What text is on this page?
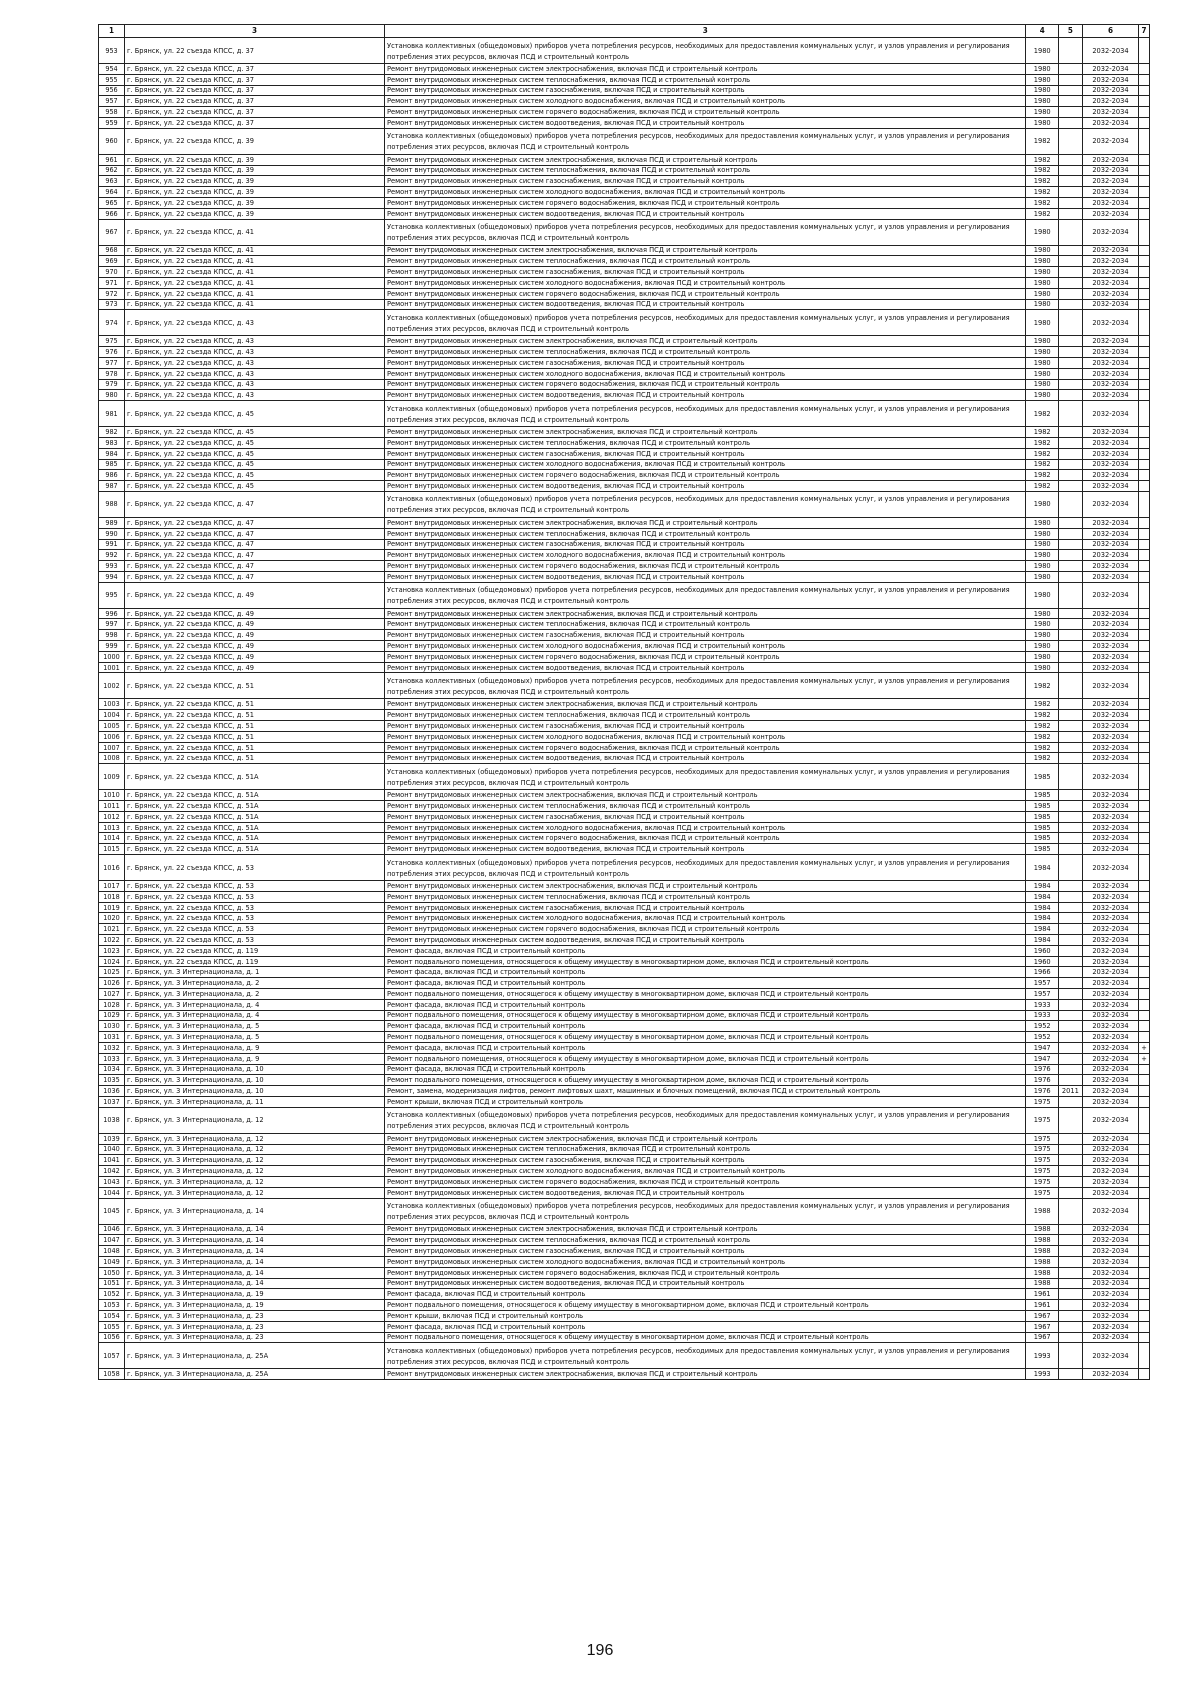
1	3	3	4	5	6	7
953	г. Брянск, ул. 22 съезда КПСС, д. 37	Установка коллективных (общедомовых) приборов учета потребления ресурсов, необходимых для предоставления коммунальных услуг, и узлов управления и регулирования потребления этих ресурсов, включая ПСД и строительный контроль	1980		2032-2034	
954	г. Брянск, ул. 22 съезда КПСС, д. 37	Ремонт внутридомовых инженерных систем электроснабжения, включая ПСД и строительный контроль	1980		2032-2034	
955	г. Брянск, ул. 22 съезда КПСС, д. 37	Ремонт внутридомовых инженерных систем теплоснабжения, включая ПСД и строительный контроль	1980		2032-2034	
956	г. Брянск, ул. 22 съезда КПСС, д. 37	Ремонт внутридомовых инженерных систем газоснабжения, включая ПСД и строительный контроль	1980		2032-2034	
957	г. Брянск, ул. 22 съезда КПСС, д. 37	Ремонт внутридомовых инженерных систем холодного водоснабжения, включая ПСД и строительный контроль	1980		2032-2034	
958	г. Брянск, ул. 22 съезда КПСС, д. 37	Ремонт внутридомовых инженерных систем горячего водоснабжения, включая ПСД и строительный контроль	1980		2032-2034	
959	г. Брянск, ул. 22 съезда КПСС, д. 37	Ремонт внутридомовых инженерных систем водоотведения, включая ПСД и строительный контроль	1980		2032-2034	
960	г. Брянск, ул. 22 съезда КПСС, д. 39	Установка коллективных (общедомовых) приборов учета потребления ресурсов, необходимых для предоставления коммунальных услуг, и узлов управления и регулирования потребления этих ресурсов, включая ПСД и строительный контроль	1982		2032-2034	
961	г. Брянск, ул. 22 съезда КПСС, д. 39	Ремонт внутридомовых инженерных систем электроснабжения, включая ПСД и строительный контроль	1982		2032-2034	
962	г. Брянск, ул. 22 съезда КПСС, д. 39	Ремонт внутридомовых инженерных систем теплоснабжения, включая ПСД и строительный контроль	1982		2032-2034	
963	г. Брянск, ул. 22 съезда КПСС, д. 39	Ремонт внутридомовых инженерных систем газоснабжения, включая ПСД и строительный контроль	1982		2032-2034	
964	г. Брянск, ул. 22 съезда КПСС, д. 39	Ремонт внутридомовых инженерных систем холодного водоснабжения, включая ПСД и строительный контроль	1982		2032-2034	
965	г. Брянск, ул. 22 съезда КПСС, д. 39	Ремонт внутридомовых инженерных систем горячего водоснабжения, включая ПСД и строительный контроль	1982		2032-2034	
966	г. Брянск, ул. 22 съезда КПСС, д. 39	Ремонт внутридомовых инженерных систем водоотведения, включая ПСД и строительный контроль	1982		2032-2034	
967	г. Брянск, ул. 22 съезда КПСС, д. 41	Установка коллективных (общедомовых) приборов учета потребления ресурсов, необходимых для предоставления коммунальных услуг, и узлов управления и регулирования потребления этих ресурсов, включая ПСД и строительный контроль	1980		2032-2034	
968	г. Брянск, ул. 22 съезда КПСС, д. 41	Ремонт внутридомовых инженерных систем электроснабжения, включая ПСД и строительный контроль	1980		2032-2034	
969	г. Брянск, ул. 22 съезда КПСС, д. 41	Ремонт внутридомовых инженерных систем теплоснабжения, включая ПСД и строительный контроль	1980		2032-2034	
970	г. Брянск, ул. 22 съезда КПСС, д. 41	Ремонт внутридомовых инженерных систем газоснабжения, включая ПСД и строительный контроль	1980		2032-2034	
971	г. Брянск, ул. 22 съезда КПСС, д. 41	Ремонт внутридомовых инженерных систем холодного водоснабжения, включая ПСД и строительный контроль	1980		2032-2034	
972	г. Брянск, ул. 22 съезда КПСС, д. 41	Ремонт внутридомовых инженерных систем горячего водоснабжения, включая ПСД и строительный контроль	1980		2032-2034	
973	г. Брянск, ул. 22 съезда КПСС, д. 41	Ремонт внутридомовых инженерных систем водоотведения, включая ПСД и строительный контроль	1980		2032-2034	
974	г. Брянск, ул. 22 съезда КПСС, д. 43	Установка коллективных (общедомовых) приборов учета потребления ресурсов, необходимых для предоставления коммунальных услуг, и узлов управления и регулирования потребления этих ресурсов, включая ПСД и строительный контроль	1980		2032-2034	
975	г. Брянск, ул. 22 съезда КПСС, д. 43	Ремонт внутридомовых инженерных систем электроснабжения, включая ПСД и строительный контроль	1980		2032-2034	
976	г. Брянск, ул. 22 съезда КПСС, д. 43	Ремонт внутридомовых инженерных систем теплоснабжения, включая ПСД и строительный контроль	1980		2032-2034	
977	г. Брянск, ул. 22 съезда КПСС, д. 43	Ремонт внутридомовых инженерных систем газоснабжения, включая ПСД и строительный контроль	1980		2032-2034	
978	г. Брянск, ул. 22 съезда КПСС, д. 43	Ремонт внутридомовых инженерных систем холодного водоснабжения, включая ПСД и строительный контроль	1980		2032-2034	
979	г. Брянск, ул. 22 съезда КПСС, д. 43	Ремонт внутридомовых инженерных систем горячего водоснабжения, включая ПСД и строительный контроль	1980		2032-2034	
980	г. Брянск, ул. 22 съезда КПСС, д. 43	Ремонт внутридомовых инженерных систем водоотведения, включая ПСД и строительный контроль	1980		2032-2034	
981	г. Брянск, ул. 22 съезда КПСС, д. 45	Установка коллективных (общедомовых) приборов учета потребления ресурсов, необходимых для предоставления коммунальных услуг, и узлов управления и регулирования потребления этих ресурсов, включая ПСД и строительный контроль	1982		2032-2034	
982	г. Брянск, ул. 22 съезда КПСС, д. 45	Ремонт внутридомовых инженерных систем электроснабжения, включая ПСД и строительный контроль	1982		2032-2034	
983	г. Брянск, ул. 22 съезда КПСС, д. 45	Ремонт внутридомовых инженерных систем теплоснабжения, включая ПСД и строительный контроль	1982		2032-2034	
984	г. Брянск, ул. 22 съезда КПСС, д. 45	Ремонт внутридомовых инженерных систем газоснабжения, включая ПСД и строительный контроль	1982		2032-2034	
985	г. Брянск, ул. 22 съезда КПСС, д. 45	Ремонт внутридомовых инженерных систем холодного водоснабжения, включая ПСД и строительный контроль	1982		2032-2034	
986	г. Брянск, ул. 22 съезда КПСС, д. 45	Ремонт внутридомовых инженерных систем горячего водоснабжения, включая ПСД и строительный контроль	1982		2032-2034	
987	г. Брянск, ул. 22 съезда КПСС, д. 45	Ремонт внутридомовых инженерных систем водоотведения, включая ПСД и строительный контроль	1982		2032-2034	
988	г. Брянск, ул. 22 съезда КПСС, д. 47	Установка коллективных (общедомовых) приборов учета потребления ресурсов, необходимых для предоставления коммунальных услуг, и узлов управления и регулирования потребления этих ресурсов, включая ПСД и строительный контроль	1980		2032-2034	
989	г. Брянск, ул. 22 съезда КПСС, д. 47	Ремонт внутридомовых инженерных систем электроснабжения, включая ПСД и строительный контроль	1980		2032-2034	
990	г. Брянск, ул. 22 съезда КПСС, д. 47	Ремонт внутридомовых инженерных систем теплоснабжения, включая ПСД и строительный контроль	1980		2032-2034	
991	г. Брянск, ул. 22 съезда КПСС, д. 47	Ремонт внутридомовых инженерных систем газоснабжения, включая ПСД и строительный контроль	1980		2032-2034	
992	г. Брянск, ул. 22 съезда КПСС, д. 47	Ремонт внутридомовых инженерных систем холодного водоснабжения, включая ПСД и строительный контроль	1980		2032-2034	
993	г. Брянск, ул. 22 съезда КПСС, д. 47	Ремонт внутридомовых инженерных систем горячего водоснабжения, включая ПСД и строительный контроль	1980		2032-2034	
994	г. Брянск, ул. 22 съезда КПСС, д. 47	Ремонт внутридомовых инженерных систем водоотведения, включая ПСД и строительный контроль	1980		2032-2034	
995	г. Брянск, ул. 22 съезда КПСС, д. 49	Установка коллективных (общедомовых) приборов учета потребления ресурсов, необходимых для предоставления коммунальных услуг, и узлов управления и регулирования потребления этих ресурсов, включая ПСД и строительный контроль	1980		2032-2034	
996	г. Брянск, ул. 22 съезда КПСС, д. 49	Ремонт внутридомовых инженерных систем электроснабжения, включая ПСД и строительный контроль	1980		2032-2034	
997	г. Брянск, ул. 22 съезда КПСС, д. 49	Ремонт внутридомовых инженерных систем теплоснабжения, включая ПСД и строительный контроль	1980		2032-2034	
998	г. Брянск, ул. 22 съезда КПСС, д. 49	Ремонт внутридомовых инженерных систем газоснабжения, включая ПСД и строительный контроль	1980		2032-2034	
999	г. Брянск, ул. 22 съезда КПСС, д. 49	Ремонт внутридомовых инженерных систем холодного водоснабжения, включая ПСД и строительный контроль	1980		2032-2034	
1000	г. Брянск, ул. 22 съезда КПСС, д. 49	Ремонт внутридомовых инженерных систем горячего водоснабжения, включая ПСД и строительный контроль	1980		2032-2034	
1001	г. Брянск, ул. 22 съезда КПСС, д. 49	Ремонт внутридомовых инженерных систем водоотведения, включая ПСД и строительный контроль	1980		2032-2034	
1002	г. Брянск, ул. 22 съезда КПСС, д. 51	Установка коллективных (общедомовых) приборов учета потребления ресурсов, необходимых для предоставления коммунальных услуг, и узлов управления и регулирования потребления этих ресурсов, включая ПСД и строительный контроль	1982		2032-2034	
1003	г. Брянск, ул. 22 съезда КПСС, д. 51	Ремонт внутридомовых инженерных систем электроснабжения, включая ПСД и строительный контроль	1982		2032-2034	
1004	г. Брянск, ул. 22 съезда КПСС, д. 51	Ремонт внутридомовых инженерных систем теплоснабжения, включая ПСД и строительный контроль	1982		2032-2034	
1005	г. Брянск, ул. 22 съезда КПСС, д. 51	Ремонт внутридомовых инженерных систем газоснабжения, включая ПСД и строительный контроль	1982		2032-2034	
1006	г. Брянск, ул. 22 съезда КПСС, д. 51	Ремонт внутридомовых инженерных систем холодного водоснабжения, включая ПСД и строительный контроль	1982		2032-2034	
1007	г. Брянск, ул. 22 съезда КПСС, д. 51	Ремонт внутридомовых инженерных систем горячего водоснабжения, включая ПСД и строительный контроль	1982		2032-2034	
1008	г. Брянск, ул. 22 съезда КПСС, д. 51	Ремонт внутридомовых инженерных систем водоотведения, включая ПСД и строительный контроль	1982		2032-2034	
1009	г. Брянск, ул. 22 съезда КПСС, д. 51А	Установка коллективных (общедомовых) приборов учета потребления ресурсов, необходимых для предоставления коммунальных услуг, и узлов управления и регулирования потребления этих ресурсов, включая ПСД и строительный контроль	1985		2032-2034	
1010	г. Брянск, ул. 22 съезда КПСС, д. 51А	Ремонт внутридомовых инженерных систем электроснабжения, включая ПСД и строительный контроль	1985		2032-2034	
1011	г. Брянск, ул. 22 съезда КПСС, д. 51А	Ремонт внутридомовых инженерных систем теплоснабжения, включая ПСД и строительный контроль	1985		2032-2034	
1012	г. Брянск, ул. 22 съезда КПСС, д. 51А	Ремонт внутридомовых инженерных систем газоснабжения, включая ПСД и строительный контроль	1985		2032-2034	
1013	г. Брянск, ул. 22 съезда КПСС, д. 51А	Ремонт внутридомовых инженерных систем холодного водоснабжения, включая ПСД и строительный контроль	1985		2032-2034	
1014	г. Брянск, ул. 22 съезда КПСС, д. 51А	Ремонт внутридомовых инженерных систем горячего водоснабжения, включая ПСД и строительный контроль	1985		2032-2034	
1015	г. Брянск, ул. 22 съезда КПСС, д. 51А	Ремонт внутридомовых инженерных систем водоотведения, включая ПСД и строительный контроль	1985		2032-2034	
1016	г. Брянск, ул. 22 съезда КПСС, д. 53	Установка коллективных (общедомовых) приборов учета потребления ресурсов, необходимых для предоставления коммунальных услуг, и узлов управления и регулирования потребления этих ресурсов, включая ПСД и строительный контроль	1984		2032-2034	
1017	г. Брянск, ул. 22 съезда КПСС, д. 53	Ремонт внутридомовых инженерных систем электроснабжения, включая ПСД и строительный контроль	1984		2032-2034	
1018	г. Брянск, ул. 22 съезда КПСС, д. 53	Ремонт внутридомовых инженерных систем теплоснабжения, включая ПСД и строительный контроль	1984		2032-2034	
1019	г. Брянск, ул. 22 съезда КПСС, д. 53	Ремонт внутридомовых инженерных систем газоснабжения, включая ПСД и строительный контроль	1984		2032-2034	
1020	г. Брянск, ул. 22 съезда КПСС, д. 53	Ремонт внутридомовых инженерных систем холодного водоснабжения, включая ПСД и строительный контроль	1984		2032-2034	
1021	г. Брянск, ул. 22 съезда КПСС, д. 53	Ремонт внутридомовых инженерных систем горячего водоснабжения, включая ПСД и строительный контроль	1984		2032-2034	
1022	г. Брянск, ул. 22 съезда КПСС, д. 53	Ремонт внутридомовых инженерных систем водоотведения, включая ПСД и строительный контроль	1984		2032-2034	
1023	г. Брянск, ул. 22 съезда КПСС, д. 119	Ремонт фасада, включая ПСД и строительный контроль	1960		2032-2034	
1024	г. Брянск, ул. 22 съезда КПСС, д. 119	Ремонт подвального помещения, относящегося к общему имуществу в многоквартирном доме, включая ПСД и строительный контроль	1960		2032-2034	
1025	г. Брянск, ул. 3 Интернационала, д. 1	Ремонт фасада, включая ПСД и строительный контроль	1966		2032-2034	
1026	г. Брянск, ул. 3 Интернационала, д. 2	Ремонт фасада, включая ПСД и строительный контроль	1957		2032-2034	
1027	г. Брянск, ул. 3 Интернационала, д. 2	Ремонт подвального помещения, относящегося к общему имуществу в многоквартирном доме, включая ПСД и строительный контроль	1957		2032-2034	
1028	г. Брянск, ул. 3 Интернационала, д. 4	Ремонт фасада, включая ПСД и строительный контроль	1933		2032-2034	
1029	г. Брянск, ул. 3 Интернационала, д. 4	Ремонт подвального помещения, относящегося к общему имуществу в многоквартирном доме, включая ПСД и строительный контроль	1933		2032-2034	
1030	г. Брянск, ул. 3 Интернационала, д. 5	Ремонт фасада, включая ПСД и строительный контроль	1952		2032-2034	
1031	г. Брянск, ул. 3 Интернационала, д. 5	Ремонт подвального помещения, относящегося к общему имуществу в многоквартирном доме, включая ПСД и строительный контроль	1952		2032-2034	
1032	г. Брянск, ул. 3 Интернационала, д. 9	Ремонт фасада, включая ПСД и строительный контроль	1947		2032-2034	+
1033	г. Брянск, ул. 3 Интернационала, д. 9	Ремонт подвального помещения, относящегося к общему имуществу в многоквартирном доме, включая ПСД и строительный контроль	1947		2032-2034	+
1034	г. Брянск, ул. 3 Интернационала, д. 10	Ремонт фасада, включая ПСД и строительный контроль	1976		2032-2034	
1035	г. Брянск, ул. 3 Интернационала, д. 10	Ремонт подвального помещения, относящегося к общему имуществу в многоквартирном доме, включая ПСД и строительный контроль	1976		2032-2034	
1036	г. Брянск, ул. 3 Интернационала, д. 10	Ремонт, замена, модернизация лифтов, ремонт лифтовых шахт, машинных и блочных помещений, включая ПСД и строительный контроль	1976	2011	2032-2034	
1037	г. Брянск, ул. 3 Интернационала, д. 11	Ремонт крыши, включая ПСД и строительный контроль	1975		2032-2034	
1038	г. Брянск, ул. 3 Интернационала, д. 12	Установка коллективных (общедомовых) приборов учета потребления ресурсов, необходимых для предоставления коммунальных услуг, и узлов управления и регулирования потребления этих ресурсов, включая ПСД и строительный контроль	1975		2032-2034	
1039	г. Брянск, ул. 3 Интернационала, д. 12	Ремонт внутридомовых инженерных систем электроснабжения, включая ПСД и строительный контроль	1975		2032-2034	
1040	г. Брянск, ул. 3 Интернационала, д. 12	Ремонт внутридомовых инженерных систем теплоснабжения, включая ПСД и строительный контроль	1975		2032-2034	
1041	г. Брянск, ул. 3 Интернационала, д. 12	Ремонт внутридомовых инженерных систем газоснабжения, включая ПСД и строительный контроль	1975		2032-2034	
1042	г. Брянск, ул. 3 Интернационала, д. 12	Ремонт внутридомовых инженерных систем холодного водоснабжения, включая ПСД и строительный контроль	1975		2032-2034	
1043	г. Брянск, ул. 3 Интернационала, д. 12	Ремонт внутридомовых инженерных систем горячего водоснабжения, включая ПСД и строительный контроль	1975		2032-2034	
1044	г. Брянск, ул. 3 Интернационала, д. 12	Ремонт внутридомовых инженерных систем водоотведения, включая ПСД и строительный контроль	1975		2032-2034	
1045	г. Брянск, ул. 3 Интернационала, д. 14	Установка коллективных (общедомовых) приборов учета потребления ресурсов, необходимых для предоставления коммунальных услуг, и узлов управления и регулирования потребления этих ресурсов, включая ПСД и строительный контроль	1988		2032-2034	
1046	г. Брянск, ул. 3 Интернационала, д. 14	Ремонт внутридомовых инженерных систем электроснабжения, включая ПСД и строительный контроль	1988		2032-2034	
1047	г. Брянск, ул. 3 Интернационала, д. 14	Ремонт внутридомовых инженерных систем теплоснабжения, включая ПСД и строительный контроль	1988		2032-2034	
1048	г. Брянск, ул. 3 Интернационала, д. 14	Ремонт внутридомовых инженерных систем газоснабжения, включая ПСД и строительный контроль	1988		2032-2034	
1049	г. Брянск, ул. 3 Интернационала, д. 14	Ремонт внутридомовых инженерных систем холодного водоснабжения, включая ПСД и строительный контроль	1988		2032-2034	
1050	г. Брянск, ул. 3 Интернационала, д. 14	Ремонт внутридомовых инженерных систем горячего водоснабжения, включая ПСД и строительный контроль	1988		2032-2034	
1051	г. Брянск, ул. 3 Интернационала, д. 14	Ремонт внутридомовых инженерных систем водоотведения, включая ПСД и строительный контроль	1988		2032-2034	
1052	г. Брянск, ул. 3 Интернационала, д. 19	Ремонт фасада, включая ПСД и строительный контроль	1961		2032-2034	
1053	г. Брянск, ул. 3 Интернационала, д. 19	Ремонт подвального помещения, относящегося к общему имуществу в многоквартирном доме, включая ПСД и строительный контроль	1961		2032-2034	
1054	г. Брянск, ул. 3 Интернационала, д. 23	Ремонт крыши, включая ПСД и строительный контроль	1967		2032-2034	
1055	г. Брянск, ул. 3 Интернационала, д. 23	Ремонт фасада, включая ПСД и строительный контроль	1967		2032-2034	
1056	г. Брянск, ул. 3 Интернационала, д. 23	Ремонт подвального помещения, относящегося к общему имуществу в многоквартирном доме, включая ПСД и строительный контроль	1967		2032-2034	
1057	г. Брянск, ул. 3 Интернационала, д. 25А	Установка коллективных (общедомовых) приборов учета потребления ресурсов, необходимых для предоставления коммунальных услуг, и узлов управления и регулирования потребления этих ресурсов, включая ПСД и строительный контроль	1993		2032-2034	
1058	г. Брянск, ул. 3 Интернационала, д. 25А	Ремонт внутридомовых инженерных систем электроснабжения, включая ПСД и строительный контроль	1993		2032-2034	
196
